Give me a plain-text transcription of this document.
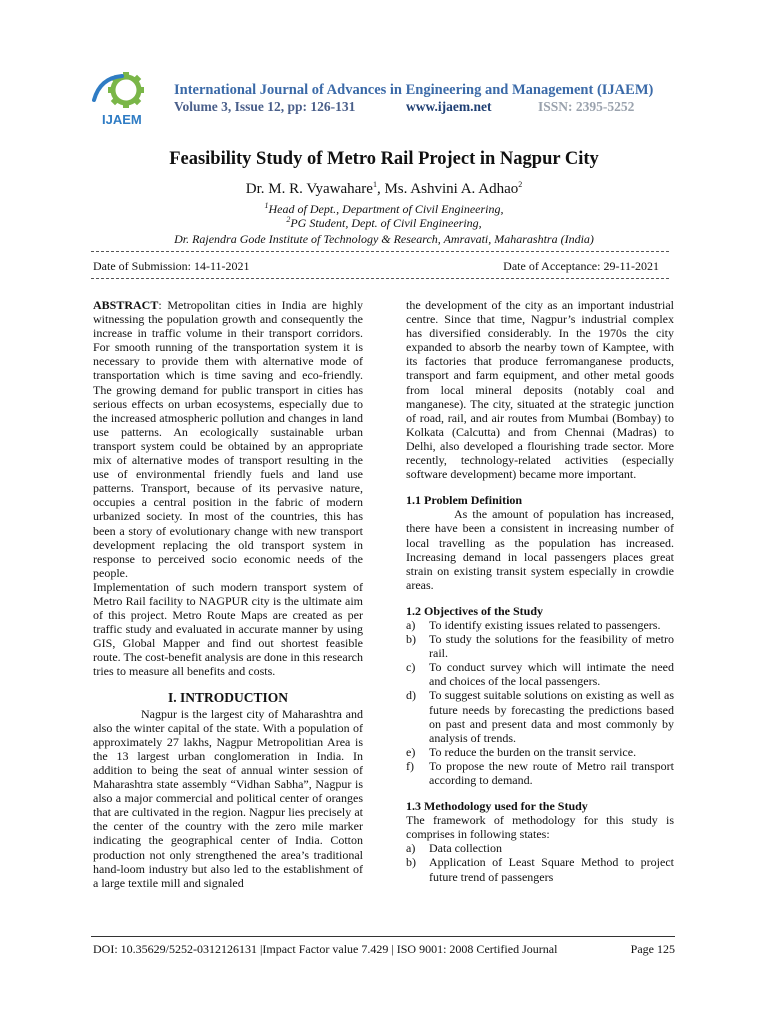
IJAEM
International Journal of Advances in Engineering and Management (IJAEM)
Volume 3, Issue 12, pp: 126-131	www.ijaem.net	ISSN: 2395-5252
Feasibility Study of Metro Rail Project in Nagpur City
Dr. M. R. Vyawahare$^1$, Ms. Ashvini A. Adhao$^2$
$^1$Head of Dept., Department of Civil Engineering,
$^2$PG Student, Dept. of Civil Engineering,
Dr. Rajendra Gode Institute of Technology & Research, Amravati, Maharashtra (India)
Date of Submission: 14-11-2021	Date of Acceptance: 29-11-2021

ABSTRACT: Metropolitan cities in India are highly witnessing the population growth and consequently the increase in traffic volume in their transport corridors. For smooth running of the transportation system it is necessary to provide them with alternative mode of transportation which is time saving and eco-friendly. The growing demand for public transport in cities has serious effects on urban ecosystems, especially due to the increased atmospheric pollution and changes in land use patterns. An ecologically sustainable urban transport system could be obtained by an appropriate mix of alternative modes of transport resulting in the use of environmental friendly fuels and land use patterns. Transport, because of its pervasive nature, occupies a central position in the fabric of modern urbanized society. In most of the countries, this has been a story of evolutionary change with new transport development replacing the old transport system in response to perceived socio economic needs of the people.

Implementation of such modern transport system of Metro Rail facility to NAGPUR city is the ultimate aim of this project. Metro Route Maps are created as per traffic study and evaluated in accurate manner by using GIS, Global Mapper and find out shortest feasible route. The cost-benefit analysis are done in this research tries to measure all benefits and costs.

I. INTRODUCTION

Nagpur is the largest city of Maharashtra and also the winter capital of the state. With a population of approximately 27 lakhs, Nagpur Metropolitian Area is the 13 largest urban conglomeration in India. In addition to being the seat of annual winter session of Maharashtra state assembly “Vidhan Sabha”, Nagpur is also a major commercial and political center of oranges that are cultivated in the region. Nagpur lies precisely at the center of the country with the zero mile marker indicating the geographical center of India. Cotton production not only strengthened the area’s traditional hand-loom industry but also led to the establishment of a large textile mill and signaled

the development of the city as an important industrial centre. Since that time, Nagpur’s industrial complex has diversified considerably. In the 1970s the city expanded to absorb the nearby town of Kamptee, with its factories that produce ferromanganese products, transport and farm equipment, and other metal goods from local mineral deposits (notably coal and manganese). The city, situated at the strategic junction of road, rail, and air routes from Mumbai (Bombay) to Kolkata (Calcutta) and from Chennai (Madras) to Delhi, also developed a flourishing trade sector. More recently, technology-related activities (especially software development) became more important.

1.1 Problem Definition

As the amount of population has increased, there have been a consistent in increasing number of local travelling as the population has increased. Increasing demand in local passengers places great strain on existing transit system especially in crowdie areas.

1.2 Objectives of the Study
a) To identify existing issues related to passengers.
b) To study the solutions for the feasibility of metro rail.
c) To conduct survey which will intimate the need and choices of the local passengers.
d) To suggest suitable solutions on existing as well as future needs by forecasting the predictions based on past and present data and most commonly by analysis of trends.
e) To reduce the burden on the transit service.
f) To propose the new route of Metro rail transport according to demand.
1.3 Methodology used for the Study

The framework of methodology for this study is comprises in following states:

a) Data collection
b) Application of Least Square Method to project future trend of passengers
DOI: 10.35629/5252-0312126131 |Impact Factor value 7.429 | ISO 9001: 2008 Certified Journal	Page 125
